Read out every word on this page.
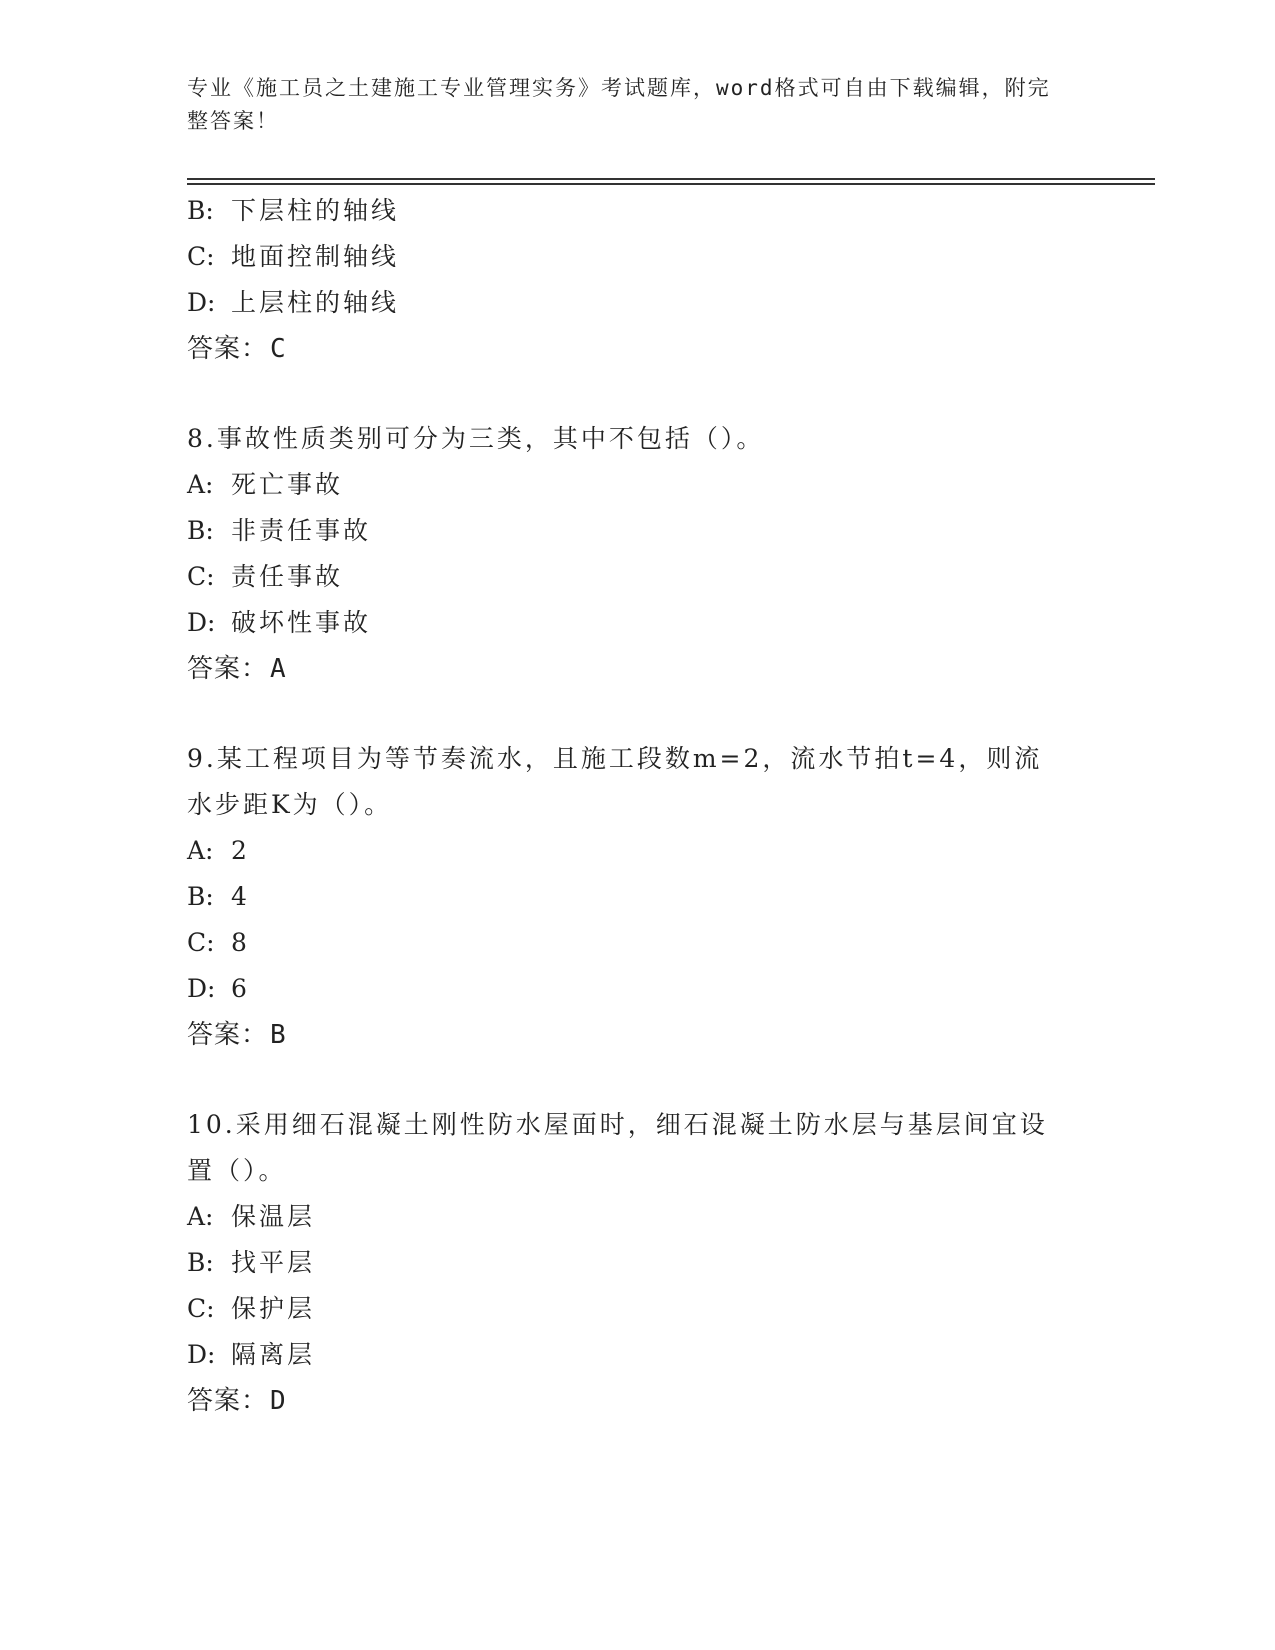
专业《施工员之土建施工专业管理实务》考试题库，word格式可自由下载编辑，附完整答案！
B: 下层柱的轴线
C: 地面控制轴线
D: 上层柱的轴线
答案： C
8.事故性质类别可分为三类，其中不包括（）。
A: 死亡事故
B: 非责任事故
C: 责任事故
D: 破坏性事故
答案： A
9.某工程项目为等节奏流水，且施工段数m=2，流水节拍t=4，则流水步距K为（）。
A: 2
B: 4
C: 8
D: 6
答案： B
10.采用细石混凝土刚性防水屋面时，细石混凝土防水层与基层间宜设置（）。
A: 保温层
B: 找平层
C: 保护层
D: 隔离层
答案： D
